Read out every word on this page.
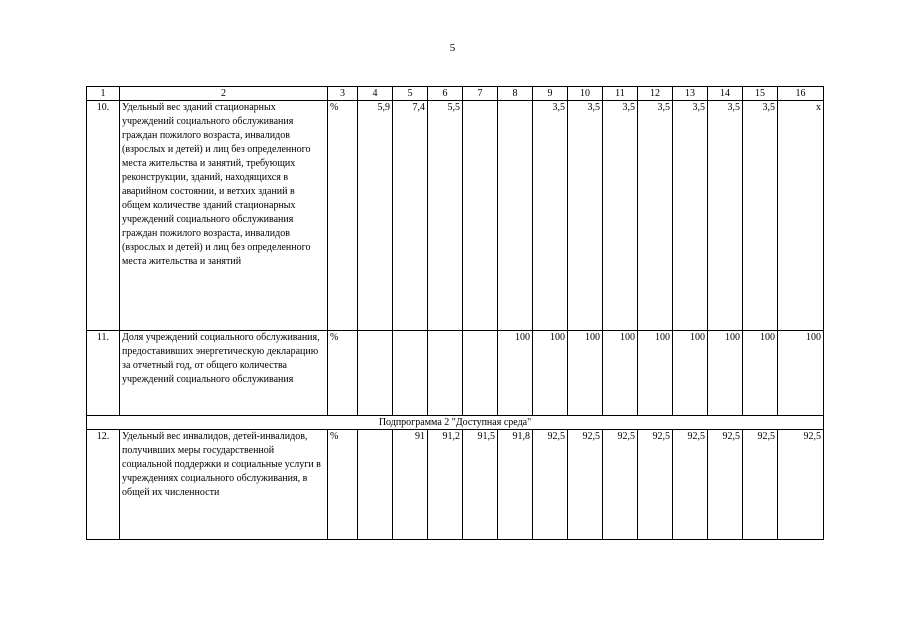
5
1	2	3	4	5	6	7	8	9	10	11	12	13	14	15	16
10.	Удельный вес зданий стационарных учреждений социального обслуживания граждан пожилого возраста, инвалидов (взрослых и детей) и лиц без определенного места жительства и занятий, требующих реконструкции, зданий, находящихся в аварийном состоянии, и ветхих зданий в общем количестве зданий стационарных учреждений социального обслуживания граждан пожилого возраста, инвалидов (взрослых и детей) и лиц без определенного места жительства и занятий	%	5,9	7,4	5,5			3,5	3,5	3,5	3,5	3,5	3,5	3,5	х
11.	Доля учреждений социального обслуживания, предоставивших энергетическую декларацию за отчетный год, от общего количества учреждений социального обслуживания	%					100	100	100	100	100	100	100	100	100
Подпрограмма 2 "Доступная среда"															
12.	Удельный вес инвалидов, детей-инвалидов, получивших меры государственной социальной поддержки и социальные услуги в учреждениях социального обслуживания, в общей их численности	%		91	91,2	91,5	91,8	92,5	92,5	92,5	92,5	92,5	92,5	92,5	92,5
